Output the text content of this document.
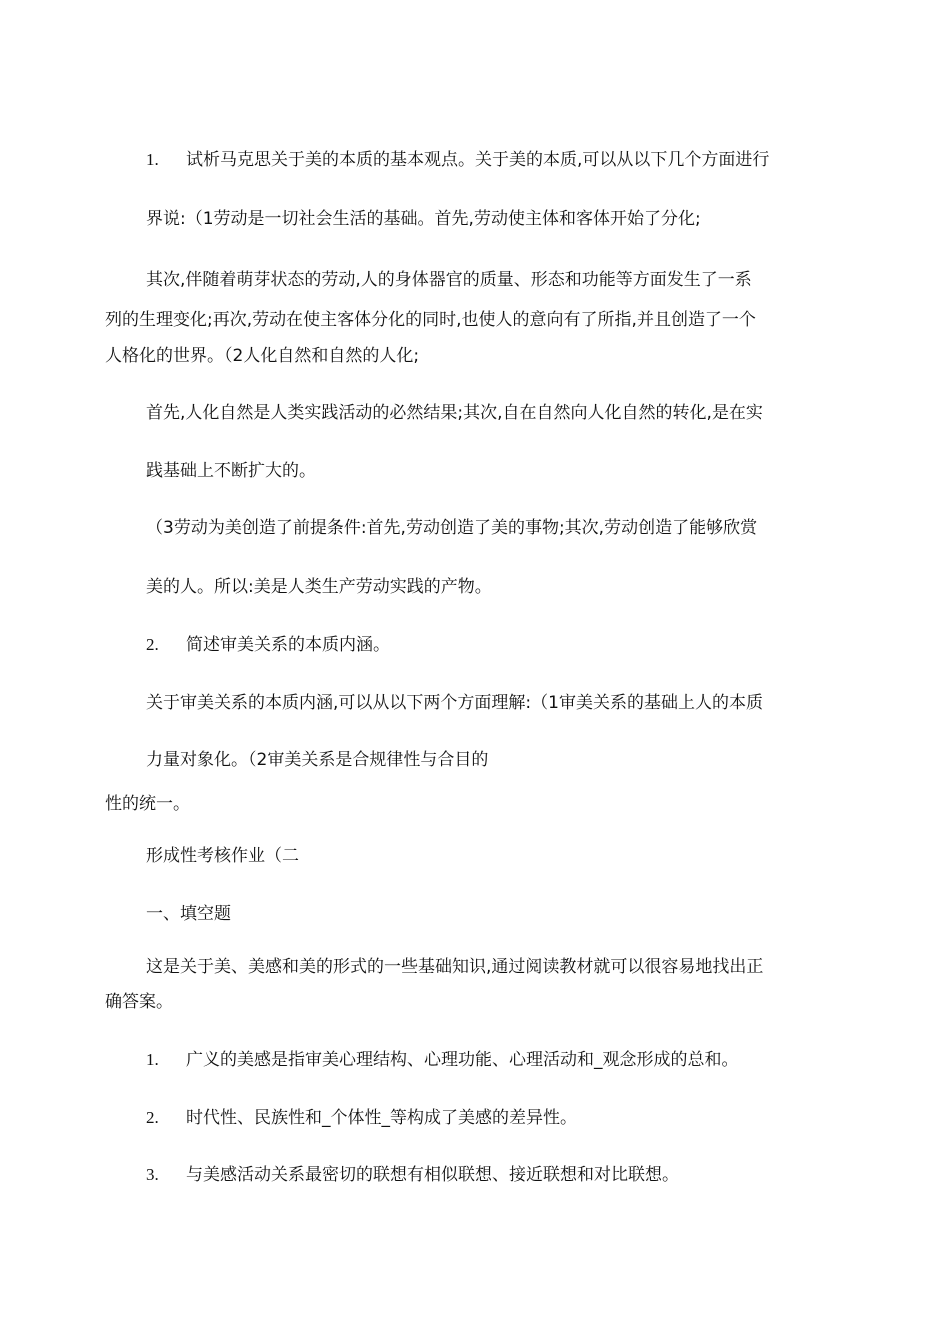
1. 试析马克思关于美的本质的基本观点。关于美的本质,可以从以下几个方面进行
界说:（1劳动是一切社会生活的基础。首先,劳动使主体和客体开始了分化;
其次,伴随着萌芽状态的劳动,人的身体器官的质量、形态和功能等方面发生了一系
列的生理变化;再次,劳动在使主客体分化的同时,也使人的意向有了所指,并且创造了一个
人格化的世界。（2人化自然和自然的人化;
首先,人化自然是人类实践活动的必然结果;其次,自在自然向人化自然的转化,是在实
践基础上不断扩大的。
（3劳动为美创造了前提条件:首先,劳动创造了美的事物;其次,劳动创造了能够欣赏
美的人。所以:美是人类生产劳动实践的产物。
2. 简述审美关系的本质内涵。
关于审美关系的本质内涵,可以从以下两个方面理解:（1审美关系的基础上人的本质
力量对象化。（2审美关系是合规律性与合目的
性的统一。
形成性考核作业（二
一、填空题
这是关于美、美感和美的形式的一些基础知识,通过阅读教材就可以很容易地找出正
确答案。
1. 广义的美感是指审美心理结构、心理功能、心理活动和_观念形成的总和。
2. 时代性、民族性和_个体性_等构成了美感的差异性。
3. 与美感活动关系最密切的联想有相似联想、接近联想和对比联想。
